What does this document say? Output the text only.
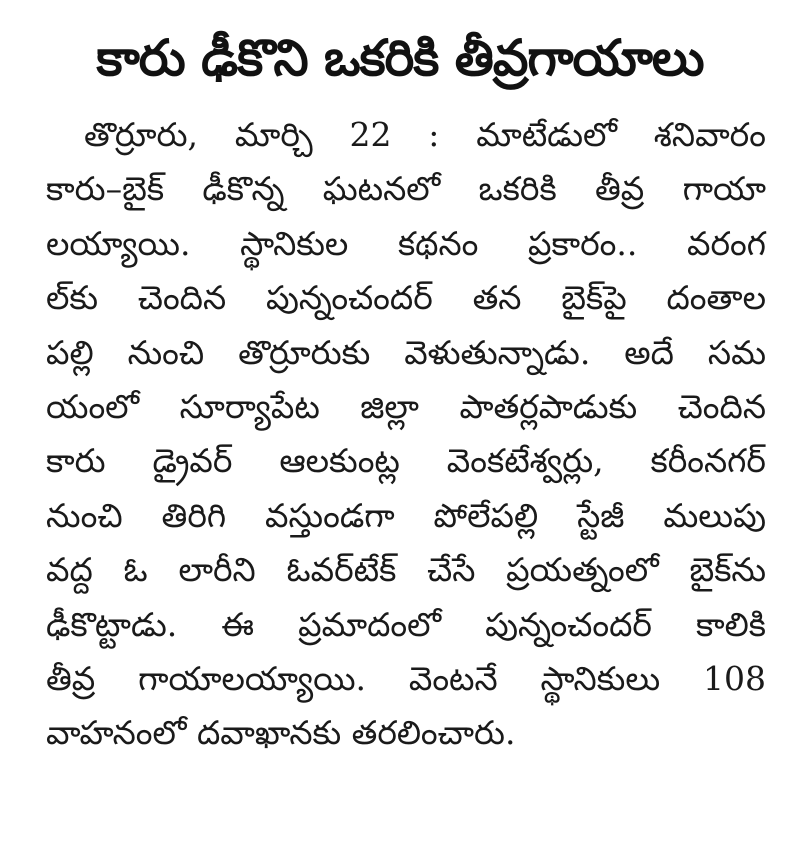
కారు ఢీకొని ఒకరికి తీవ్రగాయాలు
తొర్రూరు, మార్చి 22 : మాటేడులో శనివారం
కారు–బైక్ ఢీకొన్న ఘటనలో ఒకరికి తీవ్ర గాయా
లయ్యాయి. స్థానికుల కథనం ప్రకారం.. వరంగ
ల్‌కు చెందిన పున్నంచందర్ తన బైక్‌పై దంతాల
పల్లి నుంచి తొర్రూరుకు వెళుతున్నాడు. అదే సమ
యంలో సూర్యాపేట జిల్లా పాతర్లపాడుకు చెందిన
కారు డ్రైవర్ ఆలకుంట్ల వెంకటేశ్వర్లు, కరీంనగర్
నుంచి తిరిగి వస్తుండగా పోలేపల్లి స్టేజీ మలుపు
వద్ద ఓ లారీని ఓవర్‌టేక్ చేసే ప్రయత్నంలో బైక్‌ను
ఢీకొట్టాడు. ఈ ప్రమాదంలో పున్నంచందర్ కాలికి
తీవ్ర గాయాలయ్యాయి. వెంటనే స్థానికులు 108
వాహనంలో దవాఖానకు తరలించారు.
